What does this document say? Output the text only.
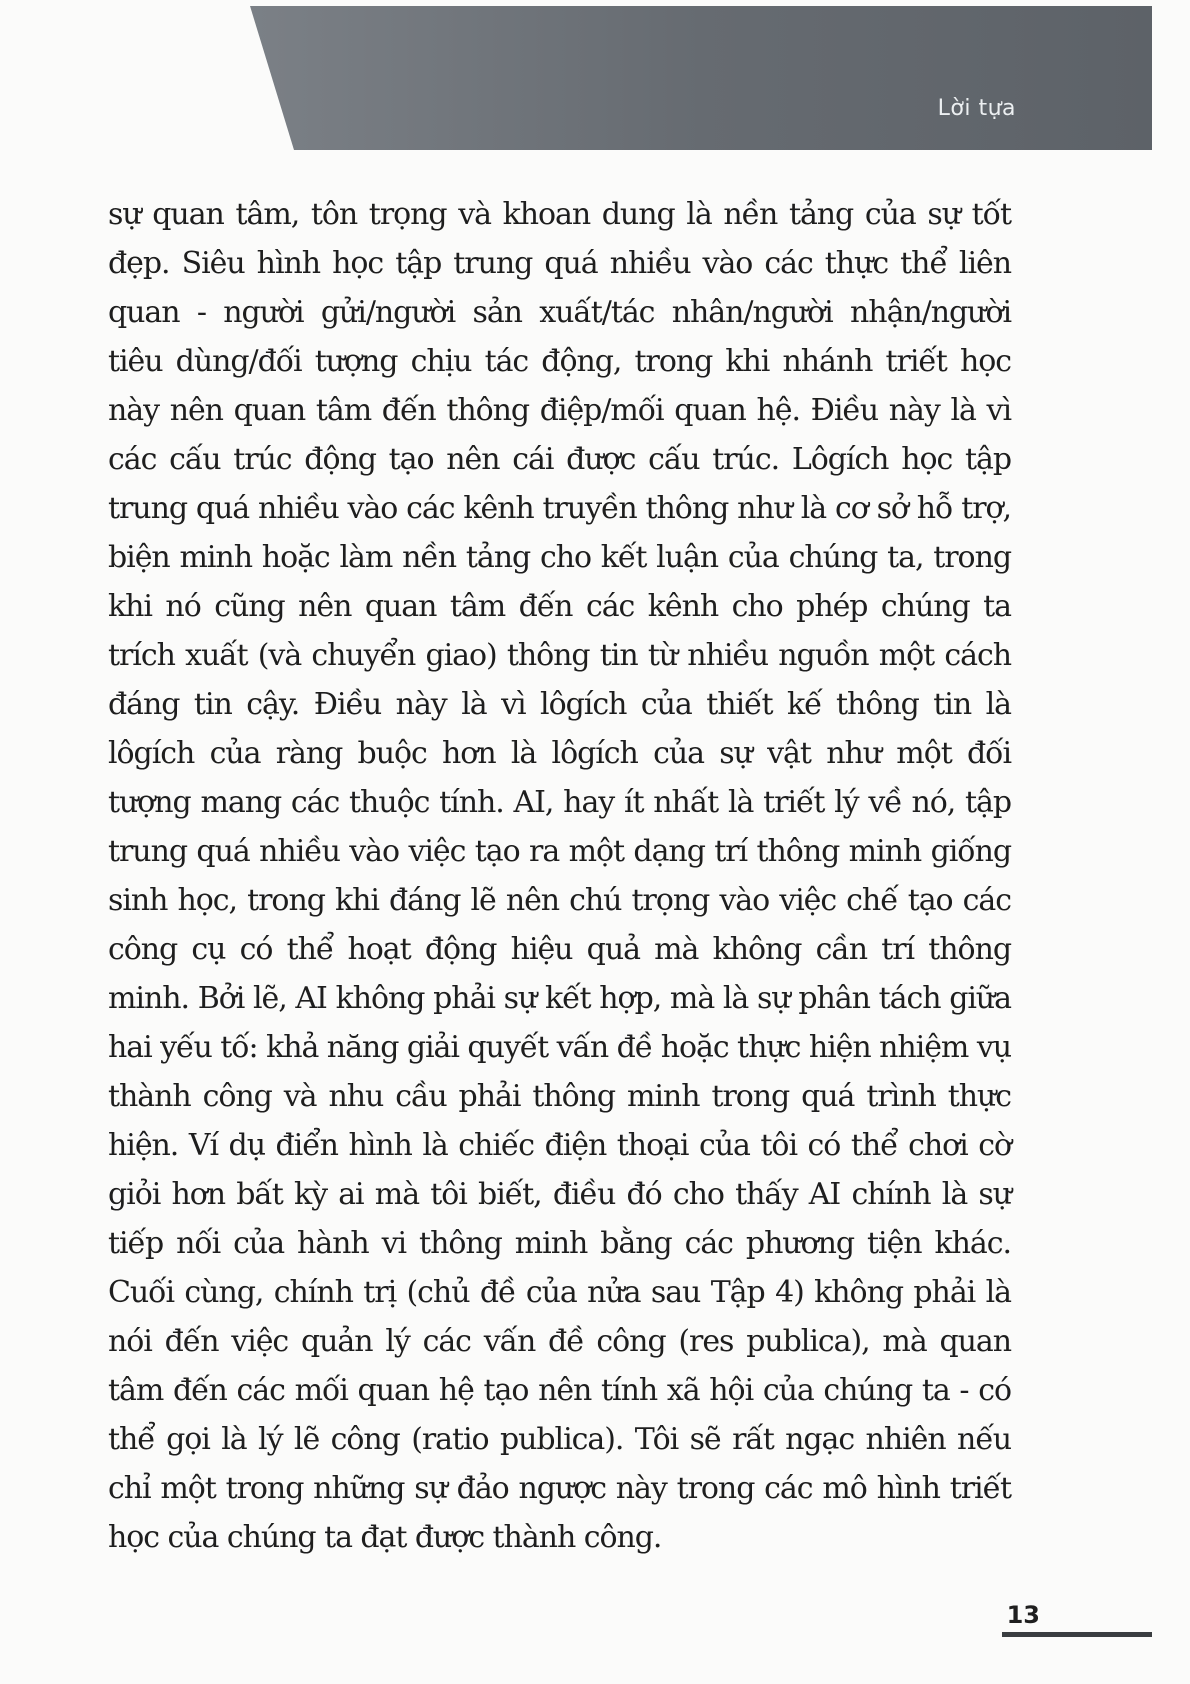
Lời tựa

sự quan tâm, tôn trọng và khoan dung là nền tảng của sự tốt đẹp. Siêu hình học tập trung quá nhiều vào các thực thể liên quan - người gửi/người sản xuất/tác nhân/người nhận/người tiêu dùng/đối tượng chịu tác động, trong khi nhánh triết học này nên quan tâm đến thông điệp/mối quan hệ. Điều này là vì các cấu trúc động tạo nên cái được cấu trúc. Lôgích học tập trung quá nhiều vào các kênh truyền thông như là cơ sở hỗ trợ, biện minh hoặc làm nền tảng cho kết luận của chúng ta, trong khi nó cũng nên quan tâm đến các kênh cho phép chúng ta trích xuất (và chuyển giao) thông tin từ nhiều nguồn một cách đáng tin cậy. Điều này là vì lôgích của thiết kế thông tin là lôgích của ràng buộc hơn là lôgích của sự vật như một đối tượng mang các thuộc tính. AI, hay ít nhất là triết lý về nó, tập trung quá nhiều vào việc tạo ra một dạng trí thông minh giống sinh học, trong khi đáng lẽ nên chú trọng vào việc chế tạo các công cụ có thể hoạt động hiệu quả mà không cần trí thông minh. Bởi lẽ, AI không phải sự kết hợp, mà là sự phân tách giữa hai yếu tố: khả năng giải quyết vấn đề hoặc thực hiện nhiệm vụ thành công và nhu cầu phải thông minh trong quá trình thực hiện. Ví dụ điển hình là chiếc điện thoại của tôi có thể chơi cờ giỏi hơn bất kỳ ai mà tôi biết, điều đó cho thấy AI chính là sự tiếp nối của hành vi thông minh bằng các phương tiện khác. Cuối cùng, chính trị (chủ đề của nửa sau Tập 4) không phải là nói đến việc quản lý các vấn đề công (res publica), mà quan tâm đến các mối quan hệ tạo nên tính xã hội của chúng ta - có thể gọi là lý lẽ công (ratio publica). Tôi sẽ rất ngạc nhiên nếu chỉ một trong những sự đảo ngược này trong các mô hình triết học của chúng ta đạt được thành công.

13
